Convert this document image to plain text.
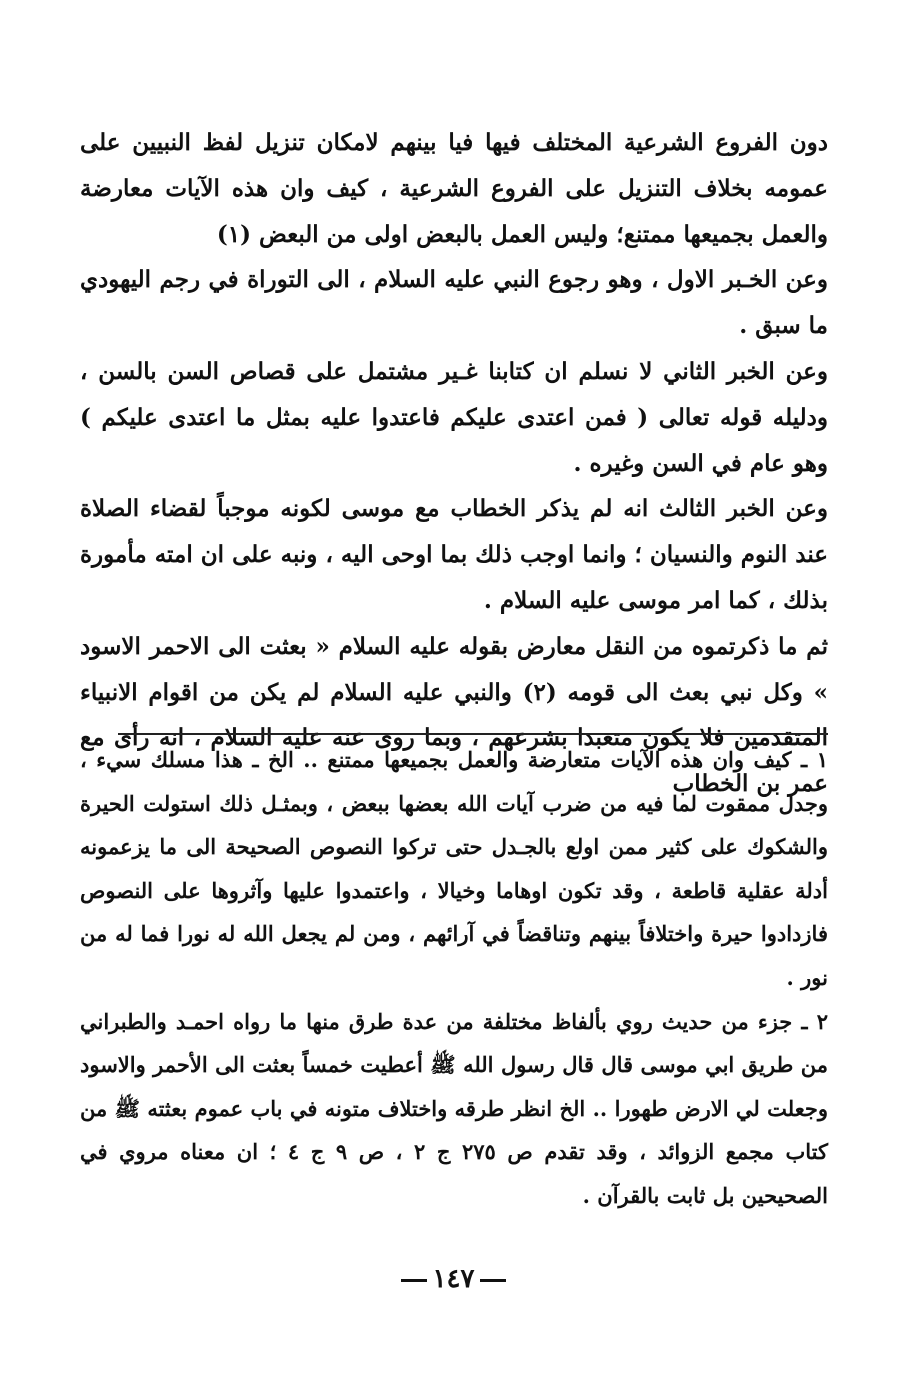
دون الفروع الشرعية المختلف فيها فيا بينهم لامكان تنزيل لفظ النبيين على عمومه بخلاف التنزيل على الفروع الشرعية ، كيف وان هذه الآيات معارضة والعمل بجميعها ممتنع؛ وليس العمل بالبعض اولى من البعض (١)

وعن الخـبر الاول ، وهو رجوع النبي عليه السلام ، الى التوراة في رجم اليهودي ما سبق .

وعن الخبر الثاني لا نسلم ان كتابنا غـير مشتمل على قصاص السن بالسن ، ودليله قوله تعالى ( فمن اعتدى عليكم فاعتدوا عليه بمثل ما اعتدى عليكم ) وهو عام في السن وغيره .

وعن الخبر الثالث انه لم يذكر الخطاب مع موسى لكونه موجباً لقضاء الصلاة عند النوم والنسيان ؛ وانما اوجب ذلك بما اوحى اليه ، ونبه على ان امته مأمورة بذلك ، كما امر موسى عليه السلام .

ثم ما ذكرتموه من النقل معارض بقوله عليه السلام « بعثت الى الاحمر الاسود » وكل نبي بعث الى قومه (٢) والنبي عليه السلام لم يكن من اقوام الانبياء المتقدمين فلا يكون متعبدا بشرعهم ، وبما روى عنه عليه السلام ، انه رأى مع عمر بن الخطاب

١ ـ كيف وان هذه الآيات متعارضة والعمل بجميعها ممتنع .. الخ ـ هذا مسلك سيء ، وجدل ممقوت لما فيه من ضرب آيات الله بعضها ببعض ، وبمثـل ذلك استولت الحيرة والشكوك على كثير ممن اولع بالجـدل حتى تركوا النصوص الصحيحة الى ما يزعمونه أدلة عقلية قاطعة ، وقد تكون اوهاما وخيالا ، واعتمدوا عليها وآثروها على النصوص فازدادوا حيرة واختلافاً بينهم وتناقضاً في آرائهم ، ومن لم يجعل الله له نورا فما له من نور .

٢ ـ جزء من حديث روي بألفاظ مختلفة من عدة طرق منها ما رواه احمـد والطبراني من طريق ابي موسى قال قال رسول الله ﷺ أعطيت خمساً بعثت الى الأحمر والاسود وجعلت لي الارض طهورا .. الخ انظر طرقه واختلاف متونه في باب عموم بعثته ﷺ من كتاب مجمع الزوائد ، وقد تقدم ص ٢٧٥ ج ٢ ، ص ٩ ج ٤ ؛ ان معناه مروي في الصحيحين بل ثابت بالقرآن .

١٤٧
